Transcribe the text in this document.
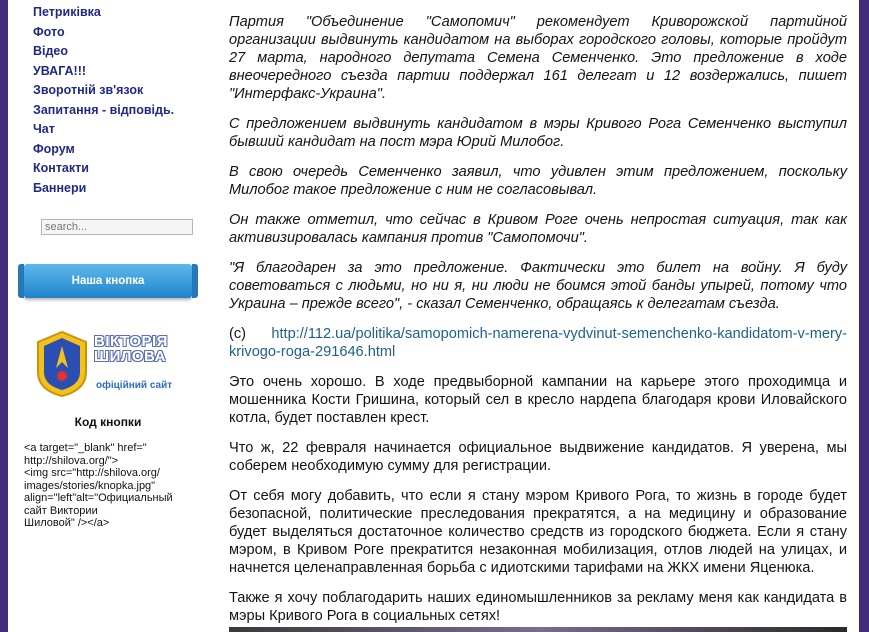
Петриківка
Фото
Відео
УВАГА!!!
Зворотній зв'язок
Запитання - відповідь.
Чат
Форум
Контакти
Баннери
search...
Наша кнопка
ВІКТОРІЯ
ШИЛОВА
офіційний сайт
Код кнопки
<a target="_blank" href="
http://shilova.org/">
<img src="http://shilova.org/
images/stories/knopka.jpg"
align="left"alt="Официальный
сайт Виктории
Шиловой" /></a>

Партия "Объединение "Самопомич" рекомендует Криворожской партийной организации выдвинуть кандидатом на выборах городского головы, которые пройдут 27 марта, народного депутата Семена Семенченко. Это предложение в ходе внеочередного съезда партии поддержал 161 делегат и 12 воздержались, пишет "Интерфакс-Украина".

С предложением выдвинуть кандидатом в мэры Кривого Рога Семенченко выступил бывший кандидат на пост мэра Юрий Милобог.

В свою очередь Семенченко заявил, что удивлен этим предложением, поскольку Милобог такое предложение с ним не согласовывал.

Он также отметил, что сейчас в Кривом Роге очень непростая ситуация, так как активизировалась кампания против "Самопомочи".

"Я благодарен за это предложение. Фактически это билет на войну. Я буду советоваться с людьми, но ни я, ни люди не боимся этой банды упырей, потому что Украина – прежде всего", - сказал Семенченко, обращаясь к делегатам съезда.

(с) http://112.ua/politika/samopomich-namerena-vydvinut-semenchenko-kandidatom-v-mery-krivogo-roga-291646.html

Это очень хорошо. В ходе предвыборной кампании на карьере этого проходимца и мошенника Кости Гришина, который сел в кресло нардепа благодаря крови Иловайского котла, будет поставлен крест.

Что ж, 22 февраля начинается официальное выдвижение кандидатов. Я уверена, мы соберем необходимую сумму для регистрации.

От себя могу добавить, что если я стану мэром Кривого Рога, то жизнь в городе будет безопасной, политические преследования прекратятся, а на медицину и образование будет выделяться достаточное количество средств из городского бюджета. Если я стану мэром, в Кривом Роге прекратится незаконная мобилизация, отлов людей на улицах, и начнется целенаправленная борьба с идиотскими тарифами на ЖКХ имени Яценюка.

Также я хочу поблагодарить наших единомышленников за рекламу меня как кандидата в мэры Кривого Рога в социальных сетях!
